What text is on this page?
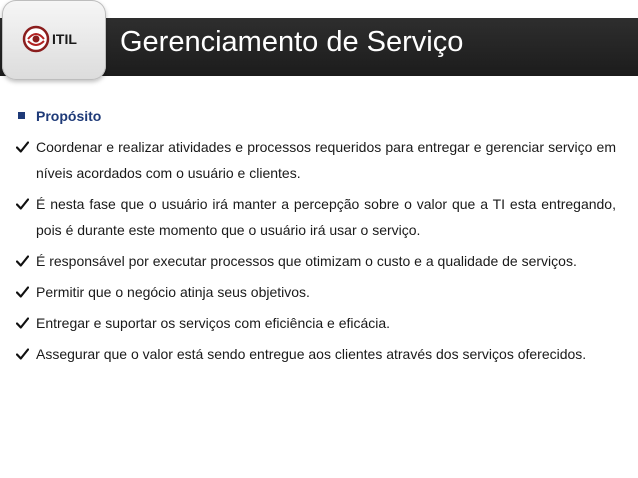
ITIL Gerenciamento de Serviço
Propósito
Coordenar e realizar atividades e processos requeridos para entregar e gerenciar serviço em níveis acordados com o usuário e clientes.
É nesta fase que o usuário irá manter a percepção sobre o valor que a TI esta entregando, pois é durante este momento que o usuário irá usar o serviço.
É responsável por executar processos que otimizam o custo e a qualidade de serviços.
Permitir que o negócio atinja seus objetivos.
Entregar e suportar os serviços com eficiência e eficácia.
Assegurar que o valor está sendo entregue aos clientes através dos serviços oferecidos.
